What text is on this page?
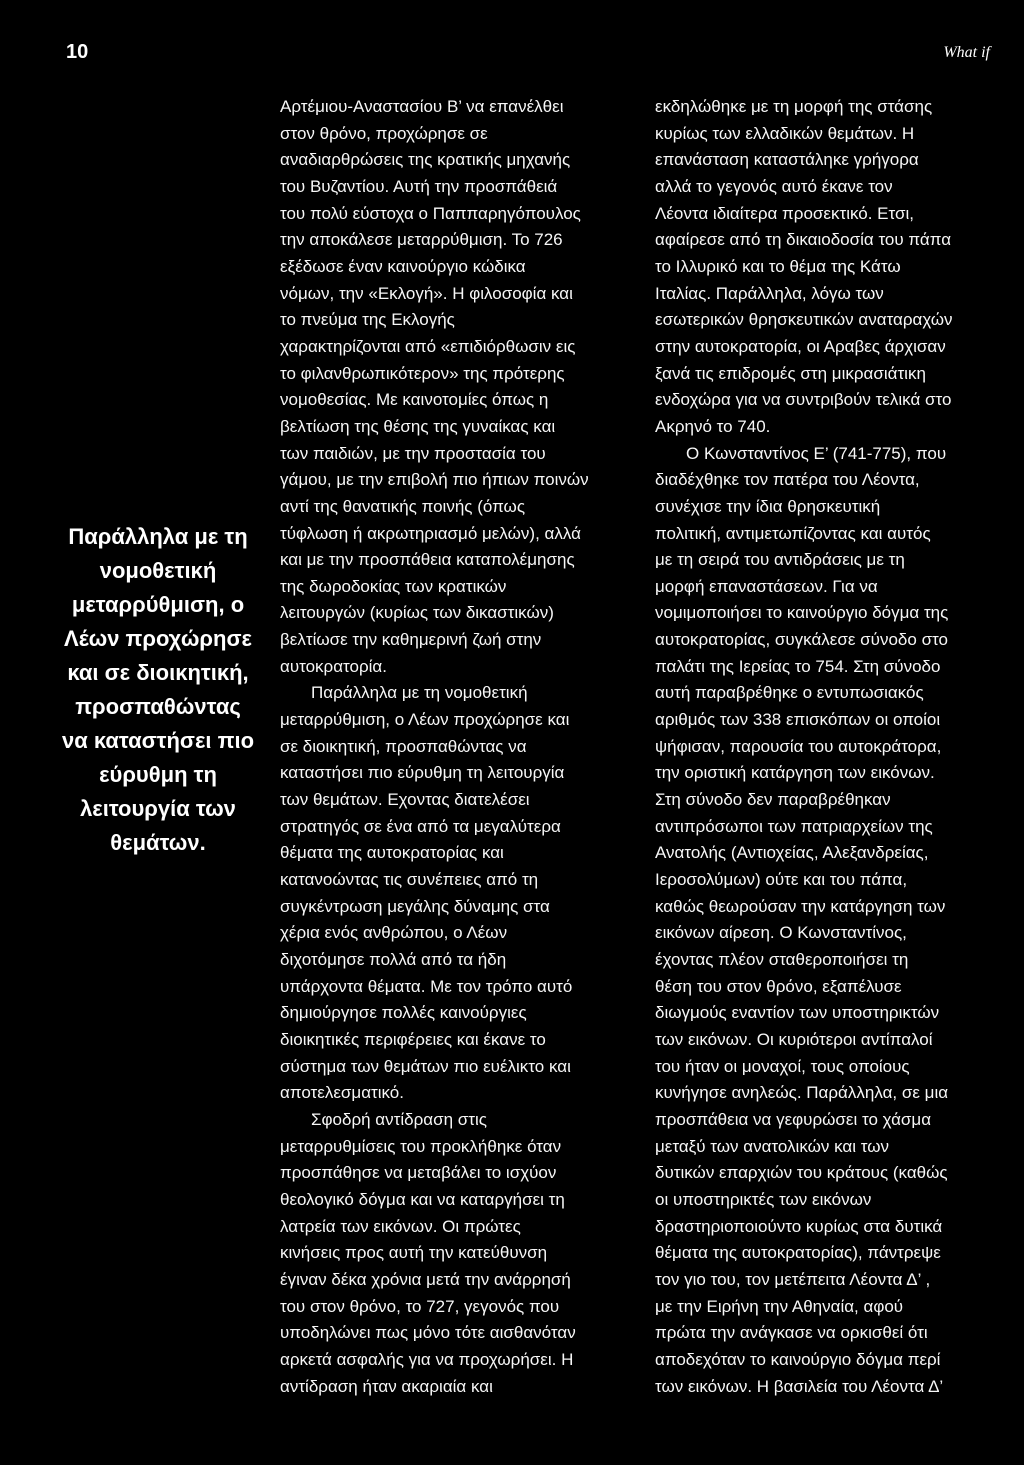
10	What if
Παράλληλα με τη
νομοθετική
μεταρρύθμιση, ο
Λέων προχώρησε
και σε διοικητική,
προσπαθώντας
να καταστήσει πιο
εύρυθμη τη
λειτουργία των
θεμάτων.
Αρτέμιου-Αναστασίου Β’ να επανέλθει
στον θρόνο, προχώρησε σε
αναδιαρθρώσεις της κρατικής μηχανής
του Βυζαντίου. Αυτή την προσπάθειά
του πολύ εύστοχα ο Παππαρηγόπουλος
την αποκάλεσε μεταρρύθμιση. Το 726
εξέδωσε έναν καινούργιο κώδικα
νόμων, την «Εκλογή». Η φιλοσοφία και
το πνεύμα της Εκλογής
χαρακτηρίζονται από «επιδιόρθωσιν εις
το φιλανθρωπικότερον» της πρότερης
νομοθεσίας. Με καινοτομίες όπως η
βελτίωση της θέσης της γυναίκας και
των παιδιών, με την προστασία του
γάμου, με την επιβολή πιο ήπιων ποινών
αντί της θανατικής ποινής (όπως
τύφλωση ή ακρωτηριασμό μελών), αλλά
και με την προσπάθεια καταπολέμησης
της δωροδοκίας των κρατικών
λειτουργών (κυρίως των δικαστικών)
βελτίωσε την καθημερινή ζωή στην
αυτοκρατορία.
Παράλληλα με τη νομοθετική
μεταρρύθμιση, ο Λέων προχώρησε και
σε διοικητική, προσπαθώντας να
καταστήσει πιο εύρυθμη τη λειτουργία
των θεμάτων. Εχοντας διατελέσει
στρατηγός σε ένα από τα μεγαλύτερα
θέματα της αυτοκρατορίας και
κατανοώντας τις συνέπειες από τη
συγκέντρωση μεγάλης δύναμης στα
χέρια ενός ανθρώπου, ο Λέων
διχοτόμησε πολλά από τα ήδη
υπάρχοντα θέματα. Με τον τρόπο αυτό
δημιούργησε πολλές καινούργιες
διοικητικές περιφέρειες και έκανε το
σύστημα των θεμάτων πιο ευέλικτο και
αποτελεσματικό.
Σφοδρή αντίδραση στις
μεταρρυθμίσεις του προκλήθηκε όταν
προσπάθησε να μεταβάλει το ισχύον
θεολογικό δόγμα και να καταργήσει τη
λατρεία των εικόνων. Οι πρώτες
κινήσεις προς αυτή την κατεύθυνση
έγιναν δέκα χρόνια μετά την ανάρρησή
του στον θρόνο, το 727, γεγονός που
υποδηλώνει πως μόνο τότε αισθανόταν
αρκετά ασφαλής για να προχωρήσει. Η
αντίδραση ήταν ακαριαία και
εκδηλώθηκε με τη μορφή της στάσης
κυρίως των ελλαδικών θεμάτων. Η
επανάσταση καταστάληκε γρήγορα
αλλά το γεγονός αυτό έκανε τον
Λέοντα ιδιαίτερα προσεκτικό. Ετσι,
αφαίρεσε από τη δικαιοδοσία του πάπα
το Ιλλυρικό και το θέμα της Κάτω
Ιταλίας. Παράλληλα, λόγω των
εσωτερικών θρησκευτικών αναταραχών
στην αυτοκρατορία, οι Αραβες άρχισαν
ξανά τις επιδρομές στη μικρασιάτικη
ενδοχώρα για να συντριβούν τελικά στο
Ακρηνό το 740.
Ο Κωνσταντίνος Ε’ (741-775), που
διαδέχθηκε τον πατέρα του Λέοντα,
συνέχισε την ίδια θρησκευτική
πολιτική, αντιμετωπίζοντας και αυτός
με τη σειρά του αντιδράσεις με τη
μορφή επαναστάσεων. Για να
νομιμοποιήσει το καινούργιο δόγμα της
αυτοκρατορίας, συγκάλεσε σύνοδο στο
παλάτι της Ιερείας το 754. Στη σύνοδο
αυτή παραβρέθηκε ο εντυπωσιακός
αριθμός των 338 επισκόπων οι οποίοι
ψήφισαν, παρουσία του αυτοκράτορα,
την οριστική κατάργηση των εικόνων.
Στη σύνοδο δεν παραβρέθηκαν
αντιπρόσωποι των πατριαρχείων της
Ανατολής (Αντιοχείας, Αλεξανδρείας,
Ιεροσολύμων) ούτε και του πάπα,
καθώς θεωρούσαν την κατάργηση των
εικόνων αίρεση. Ο Κωνσταντίνος,
έχοντας πλέον σταθεροποιήσει τη
θέση του στον θρόνο, εξαπέλυσε
διωγμούς εναντίον των υποστηρικτών
των εικόνων. Οι κυριότεροι αντίπαλοί
του ήταν οι μοναχοί, τους οποίους
κυνήγησε ανηλεώς. Παράλληλα, σε μια
προσπάθεια να γεφυρώσει το χάσμα
μεταξύ των ανατολικών και των
δυτικών επαρχιών του κράτους (καθώς
οι υποστηρικτές των εικόνων
δραστηριοποιούντο κυρίως στα δυτικά
θέματα της αυτοκρατορίας), πάντρεψε
τον γιο του, τον μετέπειτα Λέοντα Δ’ ,
με την Ειρήνη την Αθηναία, αφού
πρώτα την ανάγκασε να ορκισθεί ότι
αποδεχόταν το καινούργιο δόγμα περί
των εικόνων. Η βασιλεία του Λέοντα Δ’
